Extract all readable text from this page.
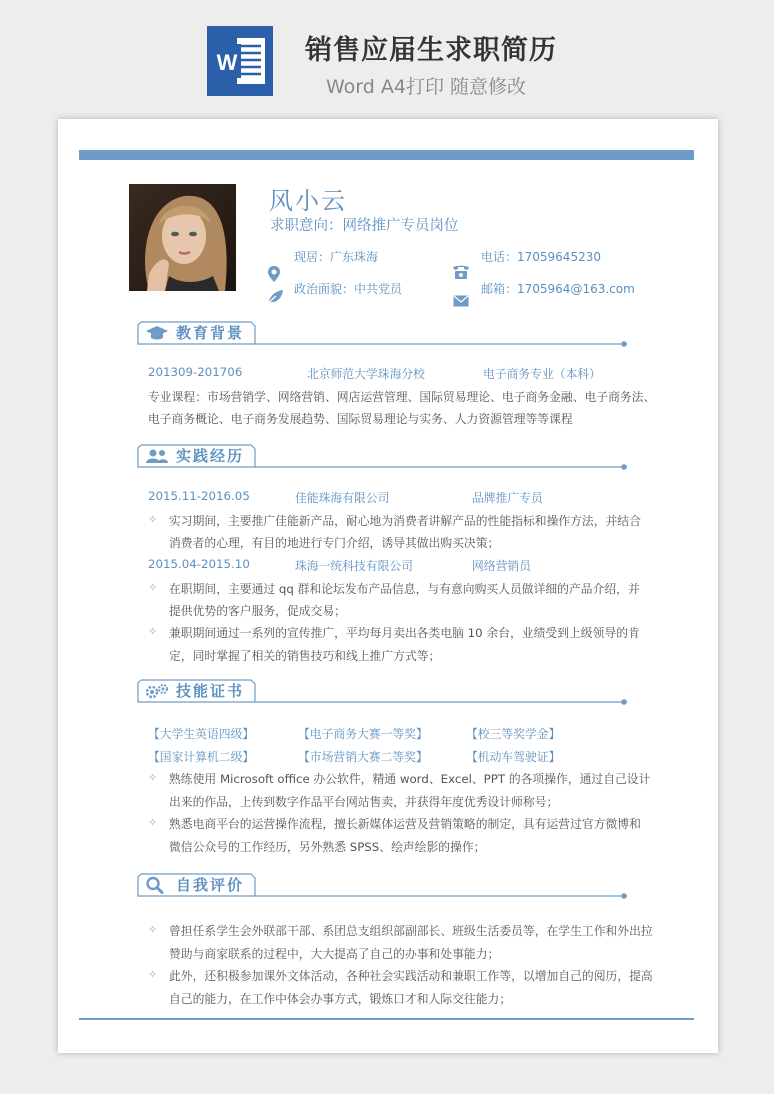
W	销售应届生求职简历
Word A4打印 随意修改
风小云
求职意向：网络推广专员岗位
现居：广东珠海
政治面貌：中共党员
电话：17059645230
邮箱：1705964@163.com
教育背景
201309-201706	北京师范大学珠海分校	电子商务专业（本科）
专业课程：市场营销学、网络营销、网店运营管理、国际贸易理论、电子商务金融、电子商务法、
电子商务概论、电子商务发展趋势、国际贸易理论与实务、人力资源管理等等课程
实践经历
2015.11-2016.05	佳能珠海有限公司	品牌推广专员
✧ 实习期间，主要推广佳能新产品，耐心地为消费者讲解产品的性能指标和操作方法，并结合
消费者的心理，有目的地进行专门介绍，诱导其做出购买决策；
2015.04-2015.10	珠海一统科技有限公司	网络营销员
✧ 在职期间，主要通过 qq 群和论坛发布产品信息，与有意向购买人员做详细的产品介绍，并
提供优势的客户服务，促成交易；
✧ 兼职期间通过一系列的宣传推广，平均每月卖出各类电脑 10 余台，业绩受到上级领导的肯
定，同时掌握了相关的销售技巧和线上推广方式等；
技能证书
【大学生英语四级】	【电子商务大赛一等奖】	【校三等奖学金】
【国家计算机二级】	【市场营销大赛二等奖】	【机动车驾驶证】
✧ 熟练使用 Microsoft office 办公软件，精通 word、Excel、PPT 的各项操作，通过自己设计
出来的作品，上传到数字作品平台网站售卖，并获得年度优秀设计师称号；
✧ 熟悉电商平台的运营操作流程，擅长新媒体运营及营销策略的制定，具有运营过官方微博和
微信公众号的工作经历，另外熟悉 SPSS、绘声绘影的操作；
自我评价
✧ 曾担任系学生会外联部干部、系团总支组织部副部长、班级生活委员等，在学生工作和外出拉
赞助与商家联系的过程中，大大提高了自己的办事和处事能力；
✧ 此外，还积极参加课外文体活动，各种社会实践活动和兼职工作等，以增加自己的阅历，提高
自己的能力，在工作中体会办事方式，锻炼口才和人际交往能力；
